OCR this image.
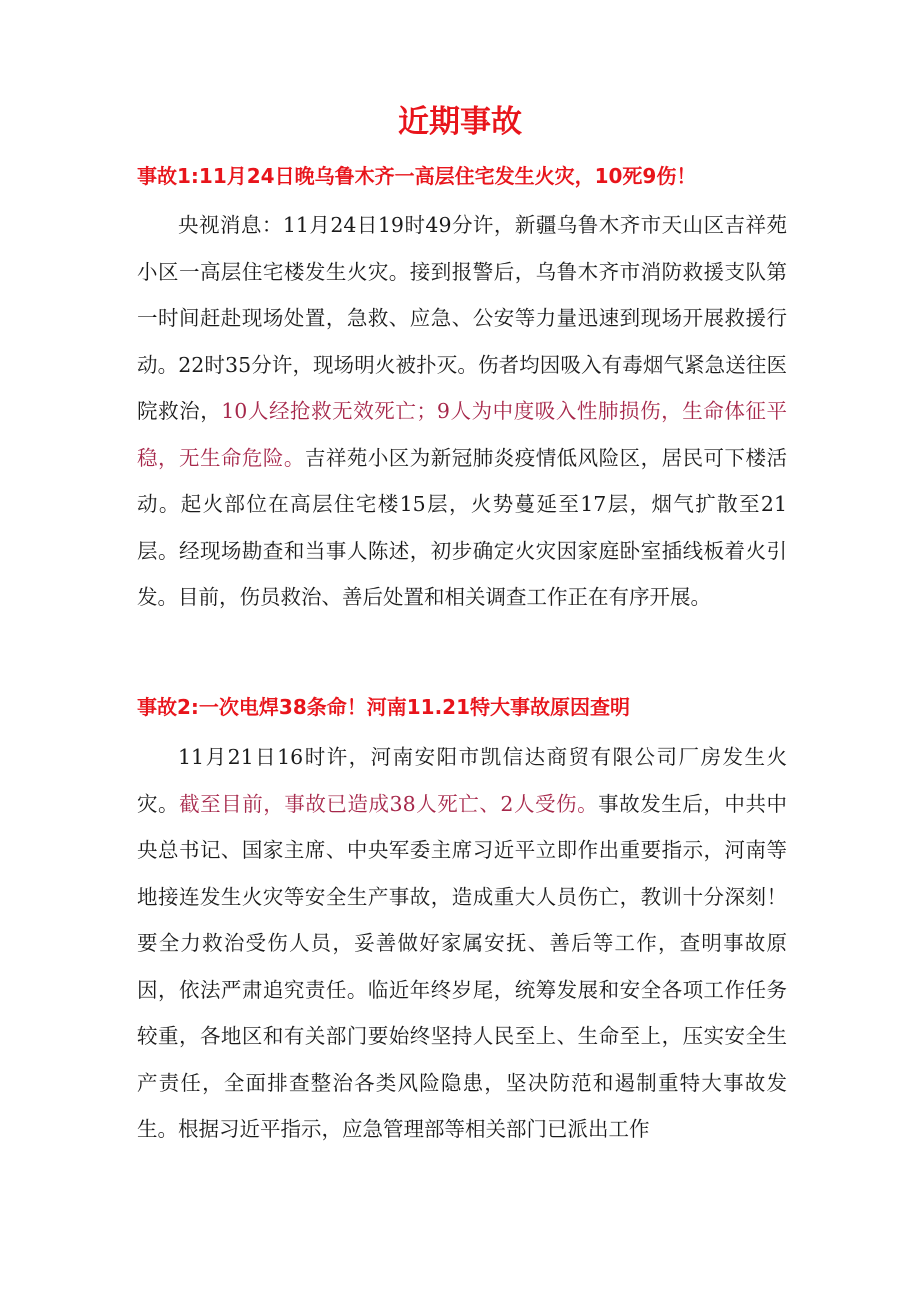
近期事故
事故1:11月24日晚乌鲁木齐一高层住宅发生火灾，10死9伤！

央视消息：11月24日19时49分许，新疆乌鲁木齐市天山区吉祥苑小区一高层住宅楼发生火灾。接到报警后，乌鲁木齐市消防救援支队第一时间赶赴现场处置，急救、应急、公安等力量迅速到现场开展救援行动。22时35分许，现场明火被扑灭。伤者均因吸入有毒烟气紧急送往医院救治，10人经抢救无效死亡；9人为中度吸入性肺损伤，生命体征平稳，无生命危险。吉祥苑小区为新冠肺炎疫情低风险区，居民可下楼活动。起火部位在高层住宅楼15层，火势蔓延至17层，烟气扩散至21层。经现场勘查和当事人陈述，初步确定火灾因家庭卧室插线板着火引发。目前，伤员救治、善后处置和相关调查工作正在有序开展。

事故2:一次电焊38条命！河南11.21特大事故原因查明

11月21日16时许，河南安阳市凯信达商贸有限公司厂房发生火灾。截至目前，事故已造成38人死亡、2人受伤。事故发生后，中共中央总书记、国家主席、中央军委主席习近平立即作出重要指示，河南等地接连发生火灾等安全生产事故，造成重大人员伤亡，教训十分深刻！要全力救治受伤人员，妥善做好家属安抚、善后等工作，查明事故原因，依法严肃追究责任。临近年终岁尾，统筹发展和安全各项工作任务较重，各地区和有关部门要始终坚持人民至上、生命至上，压实安全生产责任，全面排查整治各类风险隐患，坚决防范和遏制重特大事故发生。根据习近平指示，应急管理部等相关部门已派出工作
